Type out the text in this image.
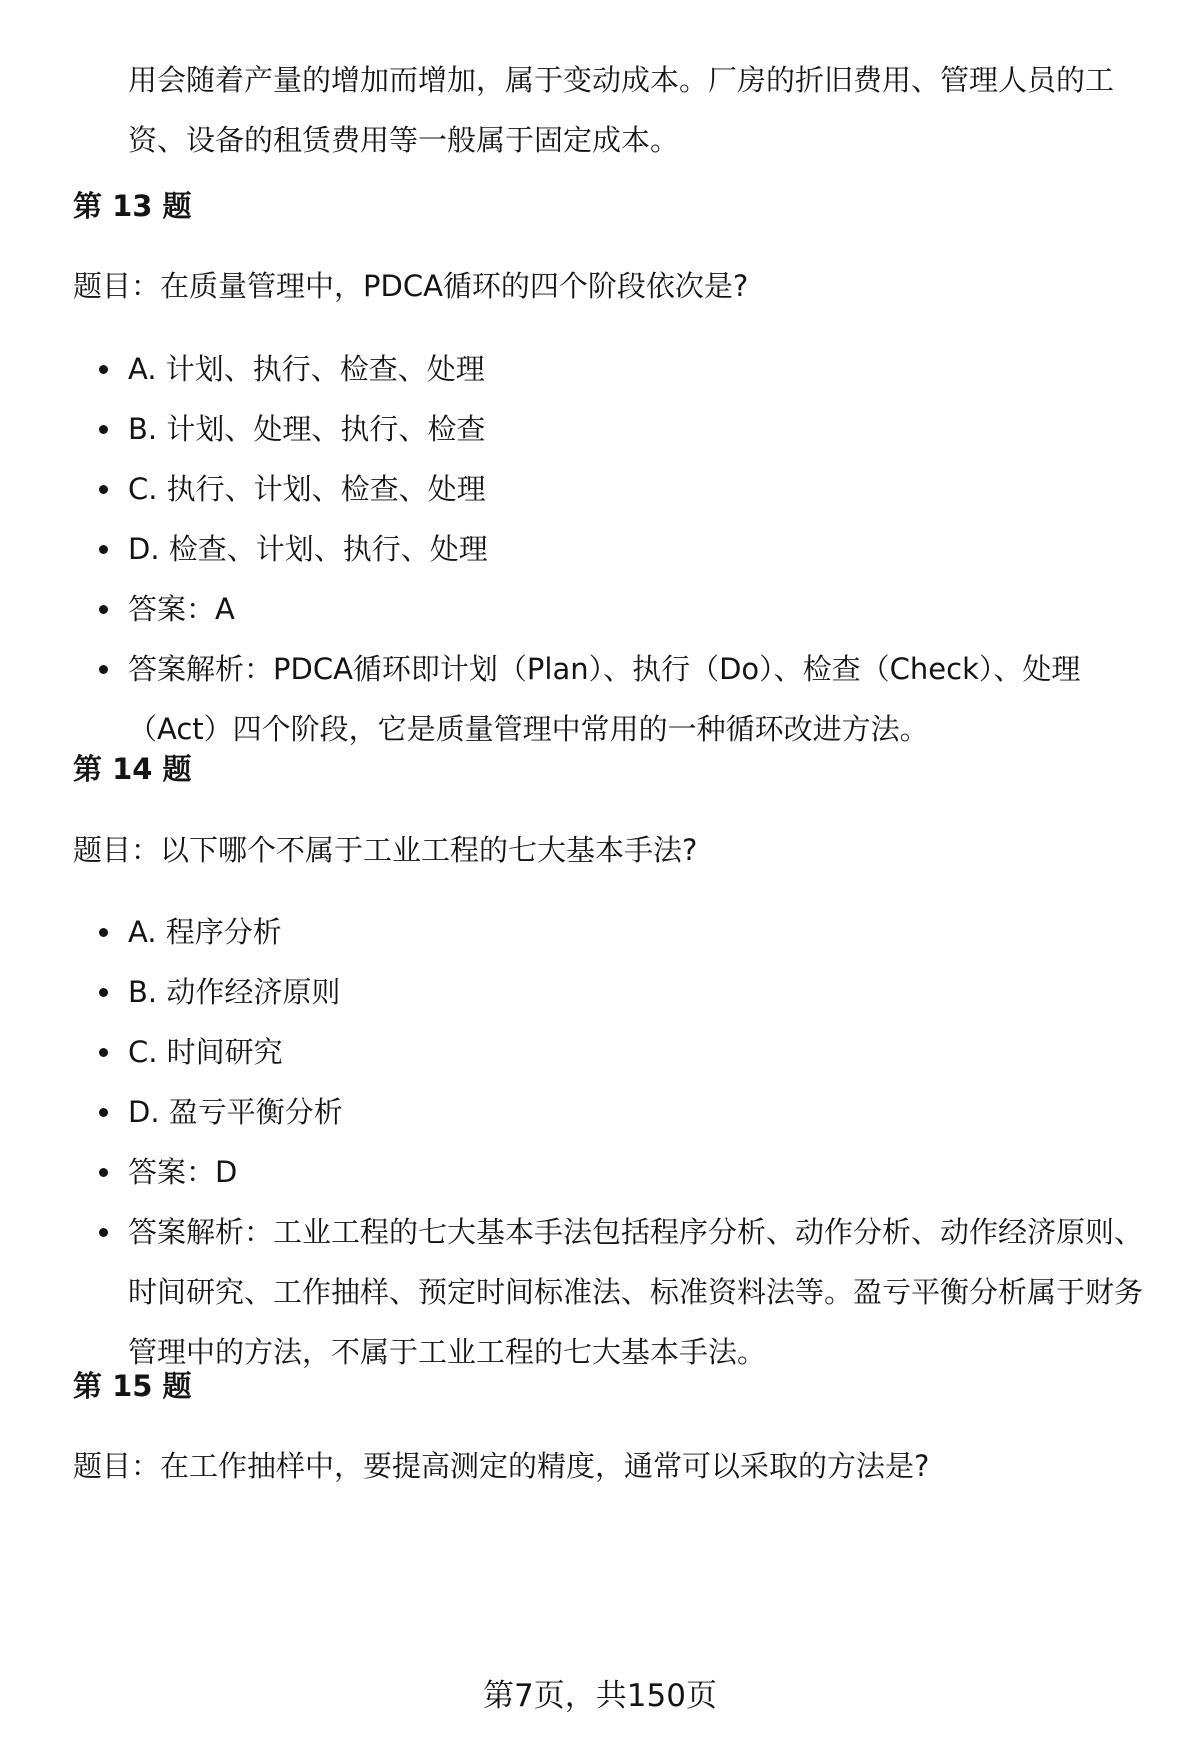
用会随着产量的增加而增加，属于变动成本。厂房的折旧费用、管理人员的工资、设备的租赁费用等一般属于固定成本。
第 13 题
题目：在质量管理中，PDCA循环的四个阶段依次是?
A. 计划、执行、检查、处理
B. 计划、处理、执行、检查
C. 执行、计划、检查、处理
D. 检查、计划、执行、处理
答案：A
答案解析：PDCA循环即计划（Plan）、执行（Do）、检查（Check）、处理（Act）四个阶段，它是质量管理中常用的一种循环改进方法。
第 14 题
题目：以下哪个不属于工业工程的七大基本手法?
A. 程序分析
B. 动作经济原则
C. 时间研究
D. 盈亏平衡分析
答案：D
答案解析：工业工程的七大基本手法包括程序分析、动作分析、动作经济原则、时间研究、工作抽样、预定时间标准法、标准资料法等。盈亏平衡分析属于财务管理中的方法，不属于工业工程的七大基本手法。
第 15 题
题目：在工作抽样中，要提高测定的精度，通常可以采取的方法是?
第7页，共150页
